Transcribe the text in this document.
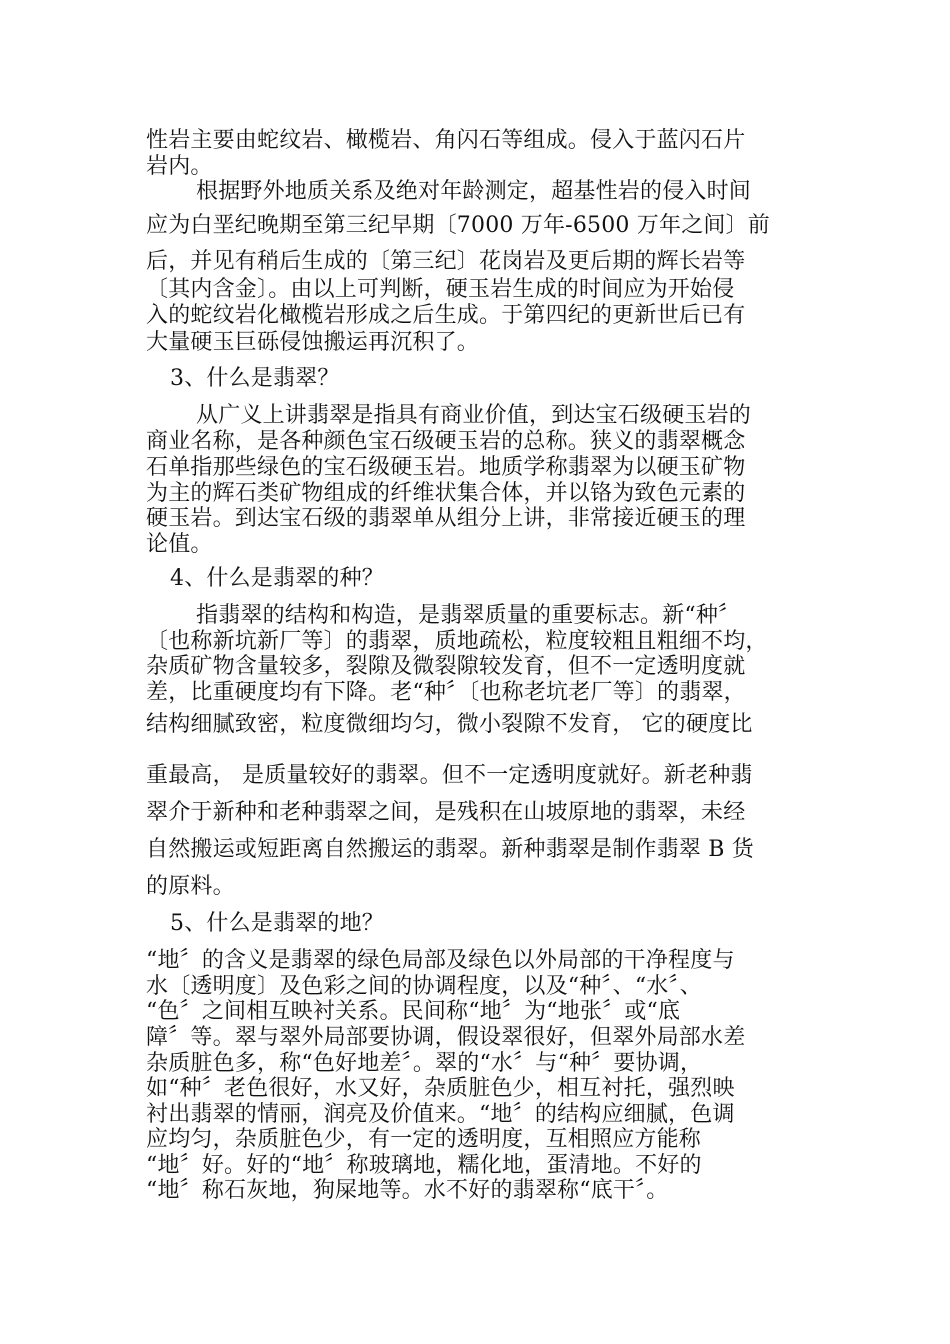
性岩主要由蛇纹岩、橄榄岩、角闪石等组成。侵入于蓝闪石片
岩内。
根据野外地质关系及绝对年龄测定，超基性岩的侵入时间
应为白垩纪晚期至第三纪早期〔7000 万年-6500 万年之间〕前
后，并见有稍后生成的〔第三纪〕花岗岩及更后期的辉长岩等
〔其内含金〕。由以上可判断，硬玉岩生成的时间应为开始侵
入的蛇纹岩化橄榄岩形成之后生成。于第四纪的更新世后已有
大量硬玉巨砾侵蚀搬运再沉积了。
3、什么是翡翠？
从广义上讲翡翠是指具有商业价值，到达宝石级硬玉岩的
商业名称，是各种颜色宝石级硬玉岩的总称。狭义的翡翠概念
石单指那些绿色的宝石级硬玉岩。地质学称翡翠为以硬玉矿物
为主的辉石类矿物组成的纤维状集合体，并以铬为致色元素的
硬玉岩。到达宝石级的翡翠单从组分上讲，非常接近硬玉的理
论值。
4、什么是翡翠的种？
指翡翠的结构和构造，是翡翠质量的重要标志。新“种〞
〔也称新坑新厂等〕的翡翠，质地疏松，粒度较粗且粗细不均，
杂质矿物含量较多，裂隙及微裂隙较发育，但不一定透明度就
差，比重硬度均有下降。老“种〞〔也称老坑老厂等〕的翡翠，
结构细腻致密，粒度微细均匀，微小裂隙不发育， 它的硬度比
重最高， 是质量较好的翡翠。但不一定透明度就好。新老种翡
翠介于新种和老种翡翠之间，是残积在山坡原地的翡翠，未经
自然搬运或短距离自然搬运的翡翠。新种翡翠是制作翡翠 B 货
的原料。
5、什么是翡翠的地？
“地〞的含义是翡翠的绿色局部及绿色以外局部的干净程度与
水〔透明度〕及色彩之间的协调程度，以及“种〞、“水〞、
“色〞之间相互映衬关系。民间称“地〞为“地张〞或“底
障〞等。翠与翠外局部要协调，假设翠很好，但翠外局部水差
杂质脏色多，称“色好地差〞。翠的“水〞与“种〞要协调，
如“种〞老色很好，水又好，杂质脏色少，相互衬托，强烈映
衬出翡翠的情丽，润亮及价值来。“地〞的结构应细腻，色调
应均匀，杂质脏色少，有一定的透明度，互相照应方能称
“地〞好。好的“地〞称玻璃地，糯化地，蛋清地。不好的
“地〞称石灰地，狗屎地等。水不好的翡翠称“底干〞。
